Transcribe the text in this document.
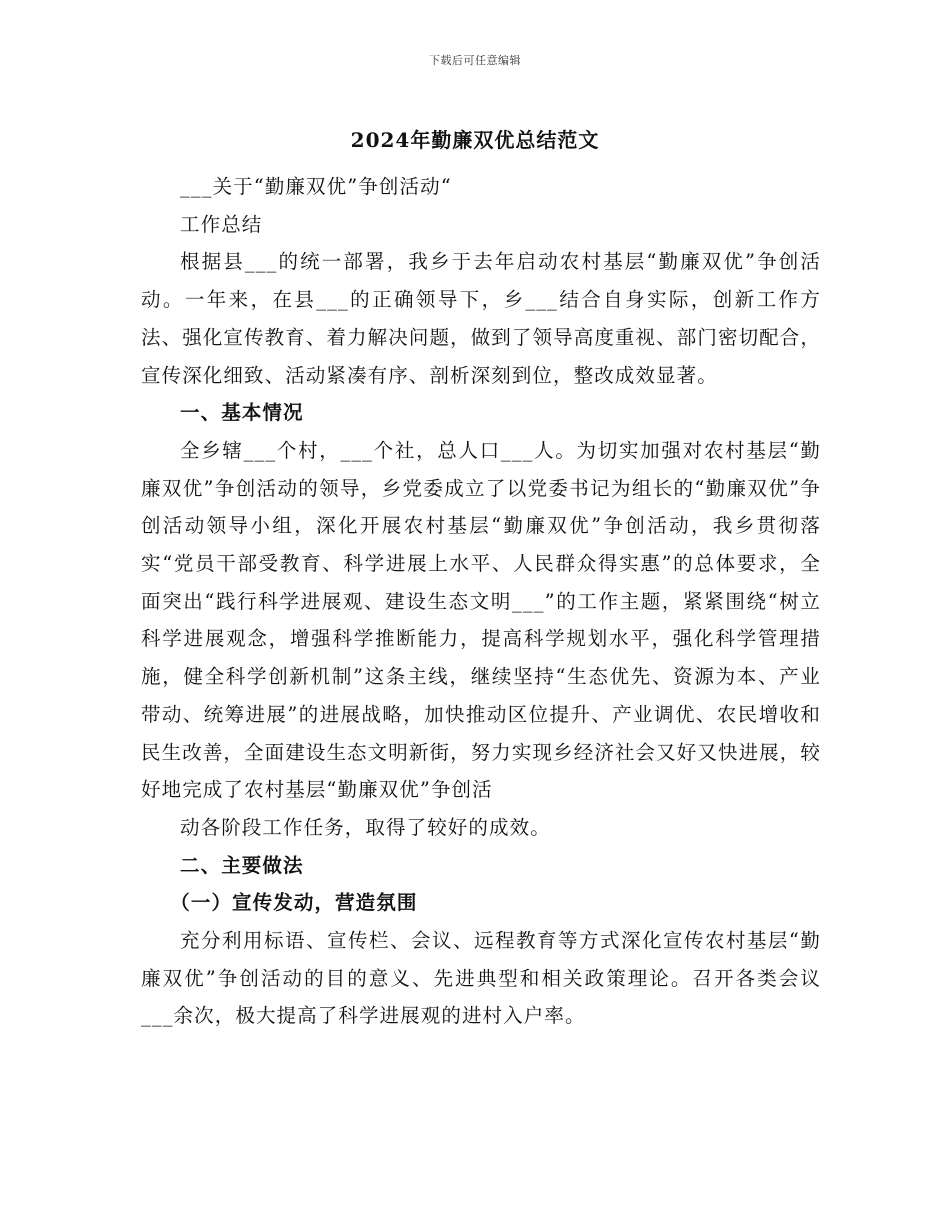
下载后可任意编辑
2024年勤廉双优总结范文

___关于“勤廉双优”争创活动“

工作总结

根据县___的统一部署，我乡于去年启动农村基层“勤廉双优”争创活动。一年来，在县___的正确领导下，乡___结合自身实际，创新工作方法、强化宣传教育、着力解决问题，做到了领导高度重视、部门密切配合，宣传深化细致、活动紧凑有序、剖析深刻到位，整改成效显著。

一、基本情况

全乡辖___个村，___个社，总人口___人。为切实加强对农村基层“勤廉双优”争创活动的领导，乡党委成立了以党委书记为组长的“勤廉双优”争创活动领导小组，深化开展农村基层“勤廉双优”争创活动，我乡贯彻落实“党员干部受教育、科学进展上水平、人民群众得实惠”的总体要求，全面突出“践行科学进展观、建设生态文明___”的工作主题，紧紧围绕“树立科学进展观念，增强科学推断能力，提高科学规划水平，强化科学管理措施，健全科学创新机制”这条主线，继续坚持“生态优先、资源为本、产业带动、统筹进展”的进展战略，加快推动区位提升、产业调优、农民增收和民生改善，全面建设生态文明新街，努力实现乡经济社会又好又快进展，较好地完成了农村基层“勤廉双优”争创活

动各阶段工作任务，取得了较好的成效。

二、主要做法

（一）宣传发动，营造氛围

充分利用标语、宣传栏、会议、远程教育等方式深化宣传农村基层“勤廉双优”争创活动的目的意义、先进典型和相关政策理论。召开各类会议___余次，极大提高了科学进展观的进村入户率。
